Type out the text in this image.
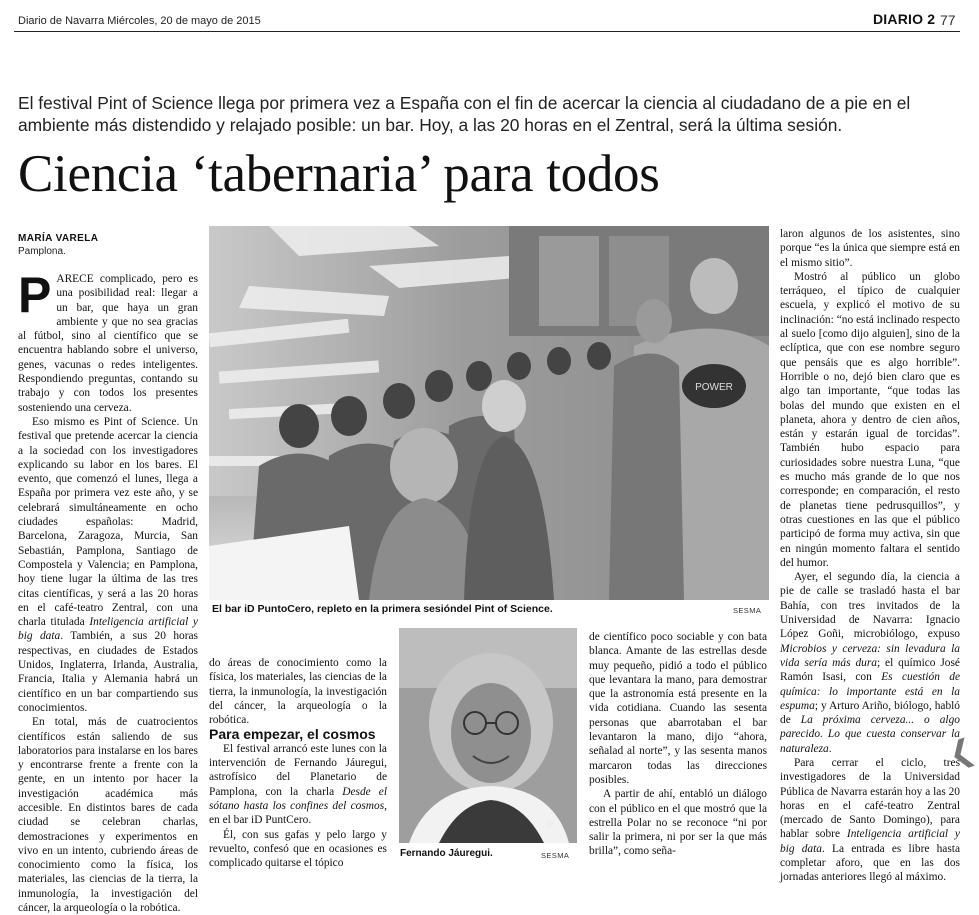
Diario de Navarra Miércoles, 20 de mayo de 2015	DIARIO 2 77
El festival Pint of Science llega por primera vez a España con el fin de acercar la ciencia al ciudadano de a pie en el ambiente más distendido y relajado posible: un bar. Hoy, a las 20 horas en el Zentral, será la última sesión.
Ciencia ‘tabernaria’ para todos
MARÍA VARELA
Pamplona.

PARECE complicado, pero es una posibilidad real: llegar a un bar, que haya un gran ambiente y que no sea gracias al fútbol, sino al científico que se encuentra hablando sobre el universo, genes, vacunas o redes inteligentes. Respondiendo preguntas, contando su trabajo y con todos los presentes sosteniendo una cerveza.

Eso mismo es Pint of Science. Un festival que pretende acercar la ciencia a la sociedad con los investigadores explicando su labor en los bares. El evento, que comenzó el lunes, llega a España por primera vez este año, y se celebrará simultáneamente en ocho ciudades españolas: Madrid, Barcelona, Zaragoza, Murcia, San Sebastián, Pamplona, Santiago de Compostela y Valencia; en Pamplona, hoy tiene lugar la última de las tres citas científicas, y será a las 20 horas en el café-teatro Zentral, con una charla titulada Inteligencia artificial y big data. También, a sus 20 horas respectivas, en ciudades de Estados Unidos, Inglaterra, Irlanda, Australia, Francia, Italia y Alemania habrá un científico en un bar compartiendo sus conocimientos.

En total, más de cuatrocientos científicos están saliendo de sus laboratorios para instalarse en los bares y encontrarse frente a frente con la gente, en un intento por hacer la investigación académica más accesible. En distintos bares de cada ciudad se celebran charlas, demostraciones y experimentos en vivo en un intento, cubriendo áreas de conocimiento como la física, los materiales, las ciencias de la tierra, la inmunología, la investigación del cáncer, la arqueología o la robótica.

POWER
El bar iD PuntoCero, repleto en la primera sesióndel Pint of Science.	SESMA

do áreas de conocimiento como la física, los materiales, las ciencias de la tierra, la inmunología, la investigación del cáncer, la arqueología o la robótica.

Para empezar, el cosmos

El festival arrancó este lunes con la intervención de Fernando Jáuregui, astrofísico del Planetario de Pamplona, con la charla Desde el sótano hasta los confines del cosmos, en el bar iD PuntCero.

Él, con sus gafas y pelo largo y revuelto, confesó que en ocasiones es complicado quitarse el tópico

Fernando Jáuregui.	SESMA

de científico poco sociable y con bata blanca. Amante de las estrellas desde muy pequeño, pidió a todo el público que levantara la mano, para demostrar que la astronomía está presente en la vida cotidiana. Cuando las sesenta personas que abarrotaban el bar levantaron la mano, dijo “ahora, señalad al norte”, y las sesenta manos marcaron todas las direcciones posibles.

A partir de ahí, entabló un diálogo con el público en el que mostró que la estrella Polar no se reconoce “ni por salir la primera, ni por ser la que más brilla”, como seña-

laron algunos de los asistentes, sino porque “es la única que siempre está en el mismo sitio”.

Mostró al público un globo terráqueo, el típico de cualquier escuela, y explicó el motivo de su inclinación: “no está inclinado respecto al suelo [como dijo alguien], sino de la eclíptica, que con ese nombre seguro que pensáis que es algo horrible”. Horrible o no, dejó bien claro que es algo tan importante, “que todas las bolas del mundo que existen en el planeta, ahora y dentro de cien años, están y estarán igual de torcidas”. También hubo espacio para curiosidades sobre nuestra Luna, “que es mucho más grande de lo que nos corresponde; en comparación, el resto de planetas tiene pedrusquillos”, y otras cuestiones en las que el público participó de forma muy activa, sin que en ningún momento faltara el sentido del humor.

Ayer, el segundo día, la ciencia a pie de calle se trasladó hasta el bar Bahía, con tres invitados de la Universidad de Navarra: Ignacio López Goñi, microbiólogo, expuso Microbios y cerveza: sin levadura la vida sería más dura; el químico José Ramón Isasi, con Es cuestión de química: lo importante está en la espuma; y Arturo Ariño, biólogo, habló de La próxima cerveza... o algo parecido. Lo que cuesta conservar la naturaleza.

Para cerrar el ciclo, tres investigadores de la Universidad Pública de Navarra estarán hoy a las 20 horas en el café-teatro Zentral (mercado de Santo Domingo), para hablar sobre Inteligencia artificial y big data. La entrada es libre hasta completar aforo, que en las dos jornadas anteriores llegó al máximo.

❮
